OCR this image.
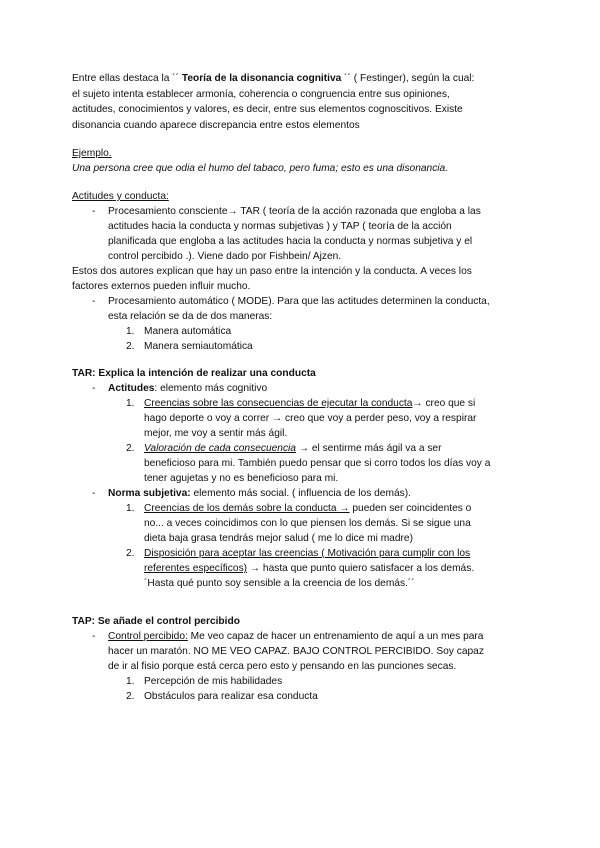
Entre ellas destaca la ´´ Teoría de la disonancia cognitiva ´´ ( Festinger), según la cual:
el sujeto intenta establecer armonía, coherencia o congruencia entre sus opiniones,
actitudes, conocimientos y valores, es decir, entre sus elementos cognoscitivos. Existe
disonancia cuando aparece discrepancia entre estos elementos
Ejemplo.
Una persona cree que odia el humo del tabaco, pero fuma; esto es una disonancia.
Actitudes y conducta:
- Procesamiento consciente→ TAR ( teoría de la acción razonada que engloba a las
actitudes hacia la conducta y normas subjetivas ) y TAP ( teoría de la acción
planificada que engloba a las actitudes hacia la conducta y normas subjetiva y el
control percibido .). Viene dado por Fishbein/ Ajzen.
Estos dos autores explican que hay un paso entre la intención y la conducta. A veces los
factores externos pueden influir mucho.
- Procesamiento automático ( MODE). Para que las actitudes determinen la conducta,
esta relación se da de dos maneras:
1. Manera automática
2. Manera semiautomática
TAR: Explica la intención de realizar una conducta
- Actitudes: elemento más cognitivo
1. Creencias sobre las consecuencias de ejecutar la conducta→ creo que si
hago deporte o voy a correr → creo que voy a perder peso, voy a respirar
mejor, me voy a sentir más ágil.
2. Valoración de cada consecuencia → el sentirme más ágil va a ser
beneficioso para mi. También puedo pensar que si corro todos los días voy a
tener agujetas y no es beneficioso para mi.
- Norma subjetiva: elemento más social. ( influencia de los demás).
1. Creencias de los demás sobre la conducta → pueden ser coincidentes o
no... a veces coincidimos con lo que piensen los demás. Si se sigue una
dieta baja grasa tendrás mejor salud ( me lo dice mi madre)
2. Disposición para aceptar las creencias ( Motivación para cumplir con los
referentes específicos) → hasta que punto quiero satisfacer a los demás.
´Hasta qué punto soy sensible a la creencia de los demás.´´
TAP: Se añade el control percibido
- Control percibido: Me veo capaz de hacer un entrenamiento de aquí a un mes para
hacer un maratón. NO ME VEO CAPAZ. BAJO CONTROL PERCIBIDO. Soy capaz
de ir al fisio porque está cerca pero esto y pensando en las punciones secas.
1. Percepción de mis habilidades
2. Obstáculos para realizar esa conducta
